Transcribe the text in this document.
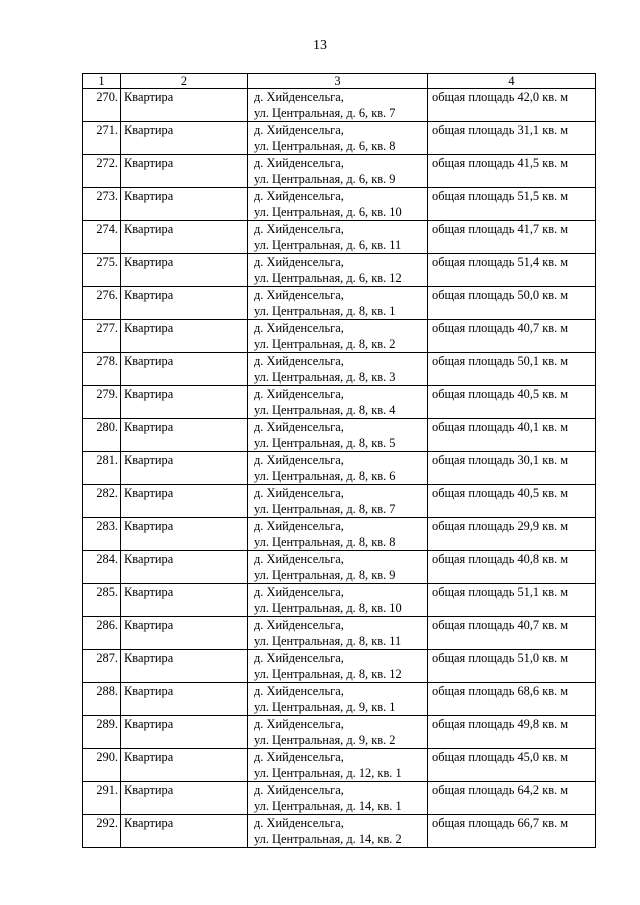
13
1	2	3	4
270.	Квартира	д. Хийденсельга,
ул. Центральная, д. 6, кв. 7	общая площадь 42,0 кв. м
271.	Квартира	д. Хийденсельга,
ул. Центральная, д. 6, кв. 8	общая площадь 31,1 кв. м
272.	Квартира	д. Хийденсельга,
ул. Центральная, д. 6, кв. 9	общая площадь 41,5 кв. м
273.	Квартира	д. Хийденсельга,
ул. Центральная, д. 6, кв. 10	общая площадь 51,5 кв. м
274.	Квартира	д. Хийденсельга,
ул. Центральная, д. 6, кв. 11	общая площадь 41,7 кв. м
275.	Квартира	д. Хийденсельга,
ул. Центральная, д. 6, кв. 12	общая площадь 51,4 кв. м
276.	Квартира	д. Хийденсельга,
ул. Центральная, д. 8, кв. 1	общая площадь 50,0 кв. м
277.	Квартира	д. Хийденсельга,
ул. Центральная, д. 8, кв. 2	общая площадь 40,7 кв. м
278.	Квартира	д. Хийденсельга,
ул. Центральная, д. 8, кв. 3	общая площадь 50,1 кв. м
279.	Квартира	д. Хийденсельга,
ул. Центральная, д. 8, кв. 4	общая площадь 40,5 кв. м
280.	Квартира	д. Хийденсельга,
ул. Центральная, д. 8, кв. 5	общая площадь 40,1 кв. м
281.	Квартира	д. Хийденсельга,
ул. Центральная, д. 8, кв. 6	общая площадь 30,1 кв. м
282.	Квартира	д. Хийденсельга,
ул. Центральная, д. 8, кв. 7	общая площадь 40,5 кв. м
283.	Квартира	д. Хийденсельга,
ул. Центральная, д. 8, кв. 8	общая площадь 29,9 кв. м
284.	Квартира	д. Хийденсельга,
ул. Центральная, д. 8, кв. 9	общая площадь 40,8 кв. м
285.	Квартира	д. Хийденсельга,
ул. Центральная, д. 8, кв. 10	общая площадь 51,1 кв. м
286.	Квартира	д. Хийденсельга,
ул. Центральная, д. 8, кв. 11	общая площадь 40,7 кв. м
287.	Квартира	д. Хийденсельга,
ул. Центральная, д. 8, кв. 12	общая площадь 51,0 кв. м
288.	Квартира	д. Хийденсельга,
ул. Центральная, д. 9, кв. 1	общая площадь 68,6 кв. м
289.	Квартира	д. Хийденсельга,
ул. Центральная, д. 9, кв. 2	общая площадь 49,8 кв. м
290.	Квартира	д. Хийденсельга,
ул. Центральная, д. 12, кв. 1	общая площадь 45,0 кв. м
291.	Квартира	д. Хийденсельга,
ул. Центральная, д. 14, кв. 1	общая площадь 64,2 кв. м
292.	Квартира	д. Хийденсельга,
ул. Центральная, д. 14, кв. 2	общая площадь 66,7 кв. м
